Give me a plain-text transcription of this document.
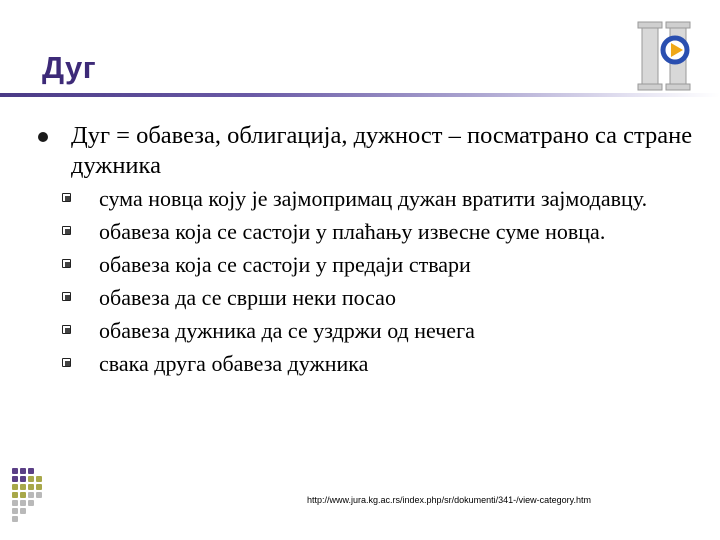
Дуг
Дуг = обавеза, облигација, дужност – посматрано са стране дужника
сума новца коју је зајмопримац дужан вратити зајмодавцу.
обавеза која се састоји у плаћању извесне суме новца.
обавеза која се састоји у предаји ствари
обавеза да се сврши неки посао
обавеза дужника да се уздржи од нечега
свака друга обавеза дужника
http://www.jura.kg.ac.rs/index.php/sr/dokumenti/341-/view-category.htm
